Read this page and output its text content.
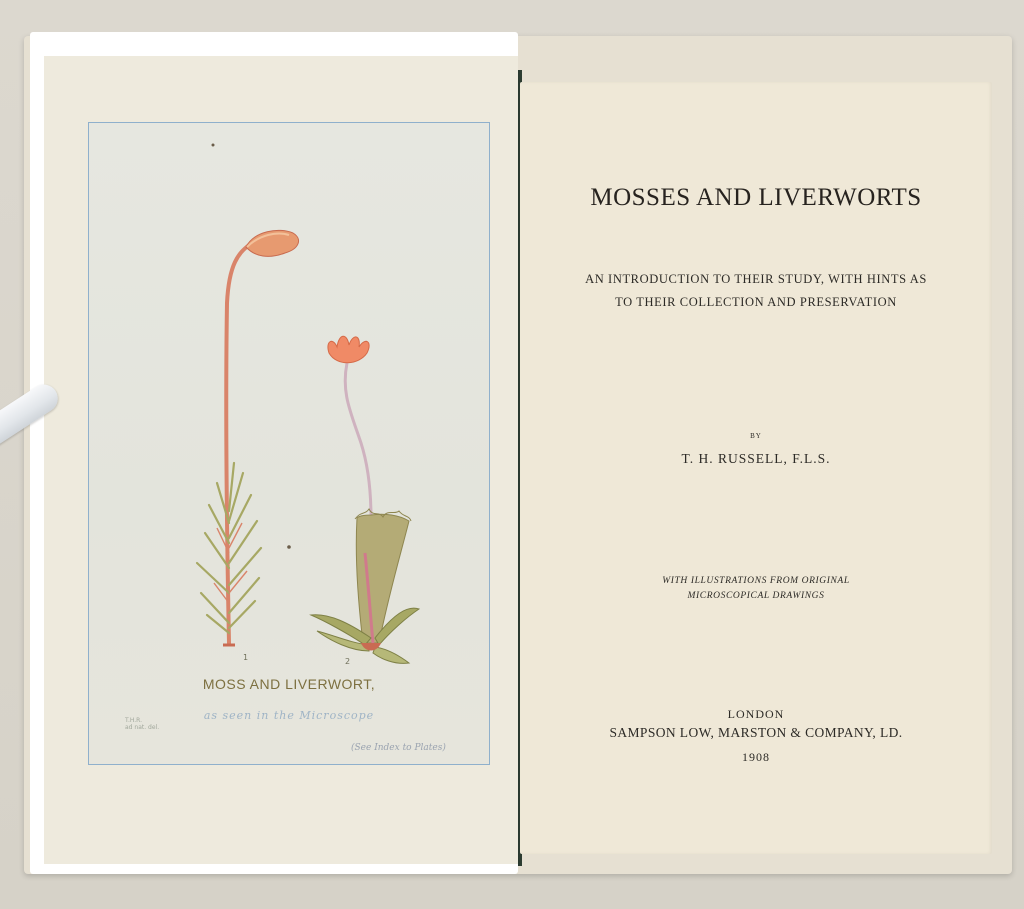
1	2
MOSS AND LIVERWORT,
as seen in the Microscope
T.H.R.
ad nat. del.
(See Index to Plates)
MOSSES AND LIVERWORTS
AN INTRODUCTION TO THEIR STUDY, WITH HINTS AS TO THEIR COLLECTION AND PRESERVATION
BY
T. H. RUSSELL, F.L.S.
WITH ILLUSTRATIONS FROM ORIGINAL MICROSCOPICAL DRAWINGS
LONDON
SAMPSON LOW, MARSTON & COMPANY, LD.
1908
